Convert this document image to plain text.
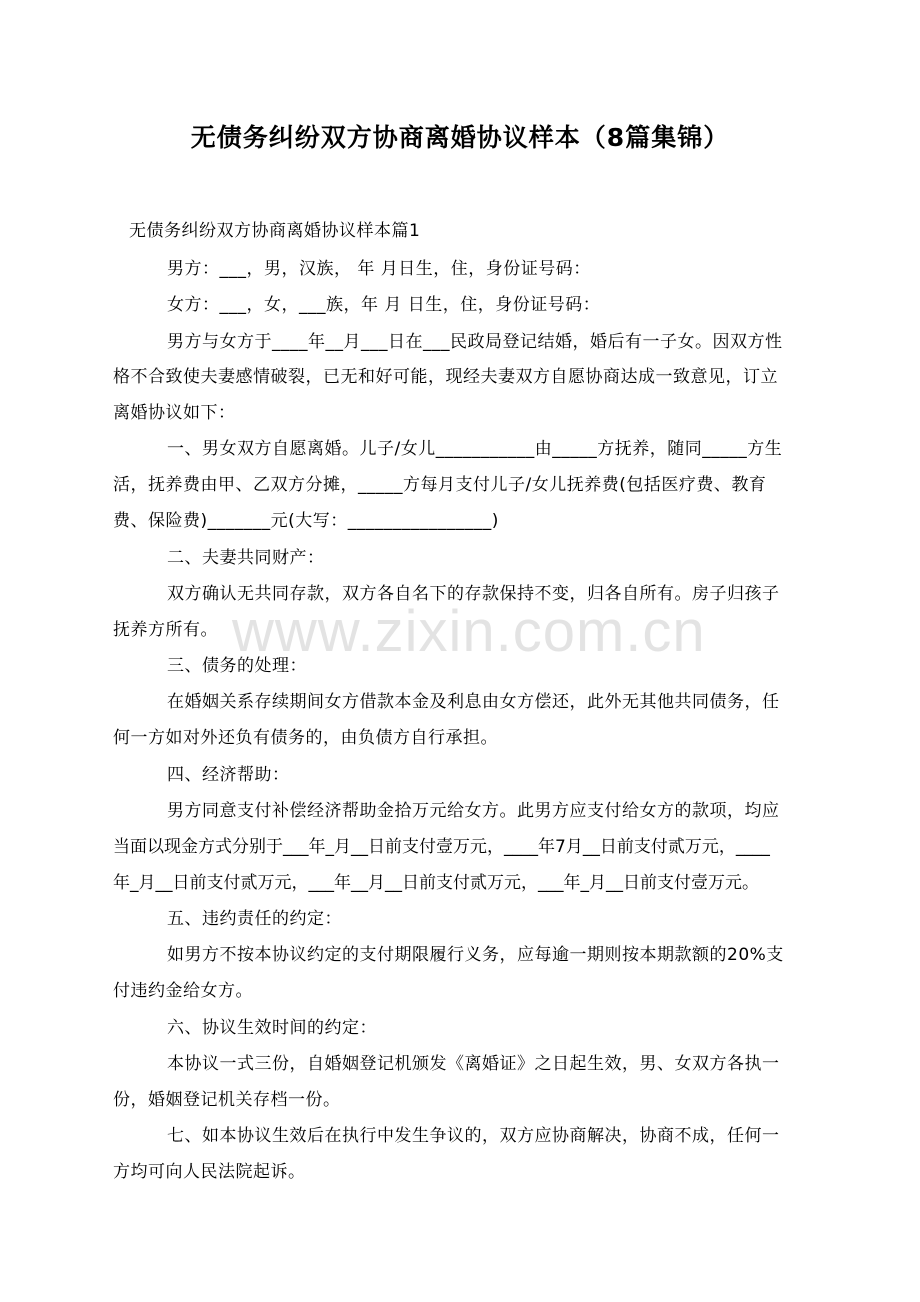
无债务纠纷双方协商离婚协议样本（8篇集锦）
无债务纠纷双方协商离婚协议样本篇1
男方：___，男，汉族， 年 月日生，住，身份证号码：
女方：___，女，___族，年 月 日生，住，身份证号码：
男方与女方于____年__月___日在___民政局登记结婚，婚后有一子女。因双方性
格不合致使夫妻感情破裂，已无和好可能，现经夫妻双方自愿协商达成一致意见，订立
离婚协议如下：
一、男女双方自愿离婚。儿子/女儿___________由_____方抚养，随同_____方生
活，抚养费由甲、乙双方分摊，_____方每月支付儿子/女儿抚养费(包括医疗费、教育
费、保险费)_______元(大写：________________)
二、夫妻共同财产：
双方确认无共同存款，双方各自名下的存款保持不变，归各自所有。房子归孩子
抚养方所有。
三、债务的处理：
在婚姻关系存续期间女方借款本金及利息由女方偿还，此外无其他共同债务，任
何一方如对外还负有债务的，由负债方自行承担。
四、经济帮助：
男方同意支付补偿经济帮助金拾万元给女方。此男方应支付给女方的款项，均应
当面以现金方式分别于___年_月__日前支付壹万元，____年7月__日前支付贰万元，____
年_月__日前支付贰万元，___年__月__日前支付贰万元，___年_月__日前支付壹万元。
五、违约责任的约定：
如男方不按本协议约定的支付期限履行义务，应每逾一期则按本期款额的20%支
付违约金给女方。
六、协议生效时间的约定：
本协议一式三份，自婚姻登记机颁发《离婚证》之日起生效，男、女双方各执一
份，婚姻登记机关存档一份。
七、如本协议生效后在执行中发生争议的，双方应协商解决，协商不成，任何一
方均可向人民法院起诉。
www.zixin.com.cn
